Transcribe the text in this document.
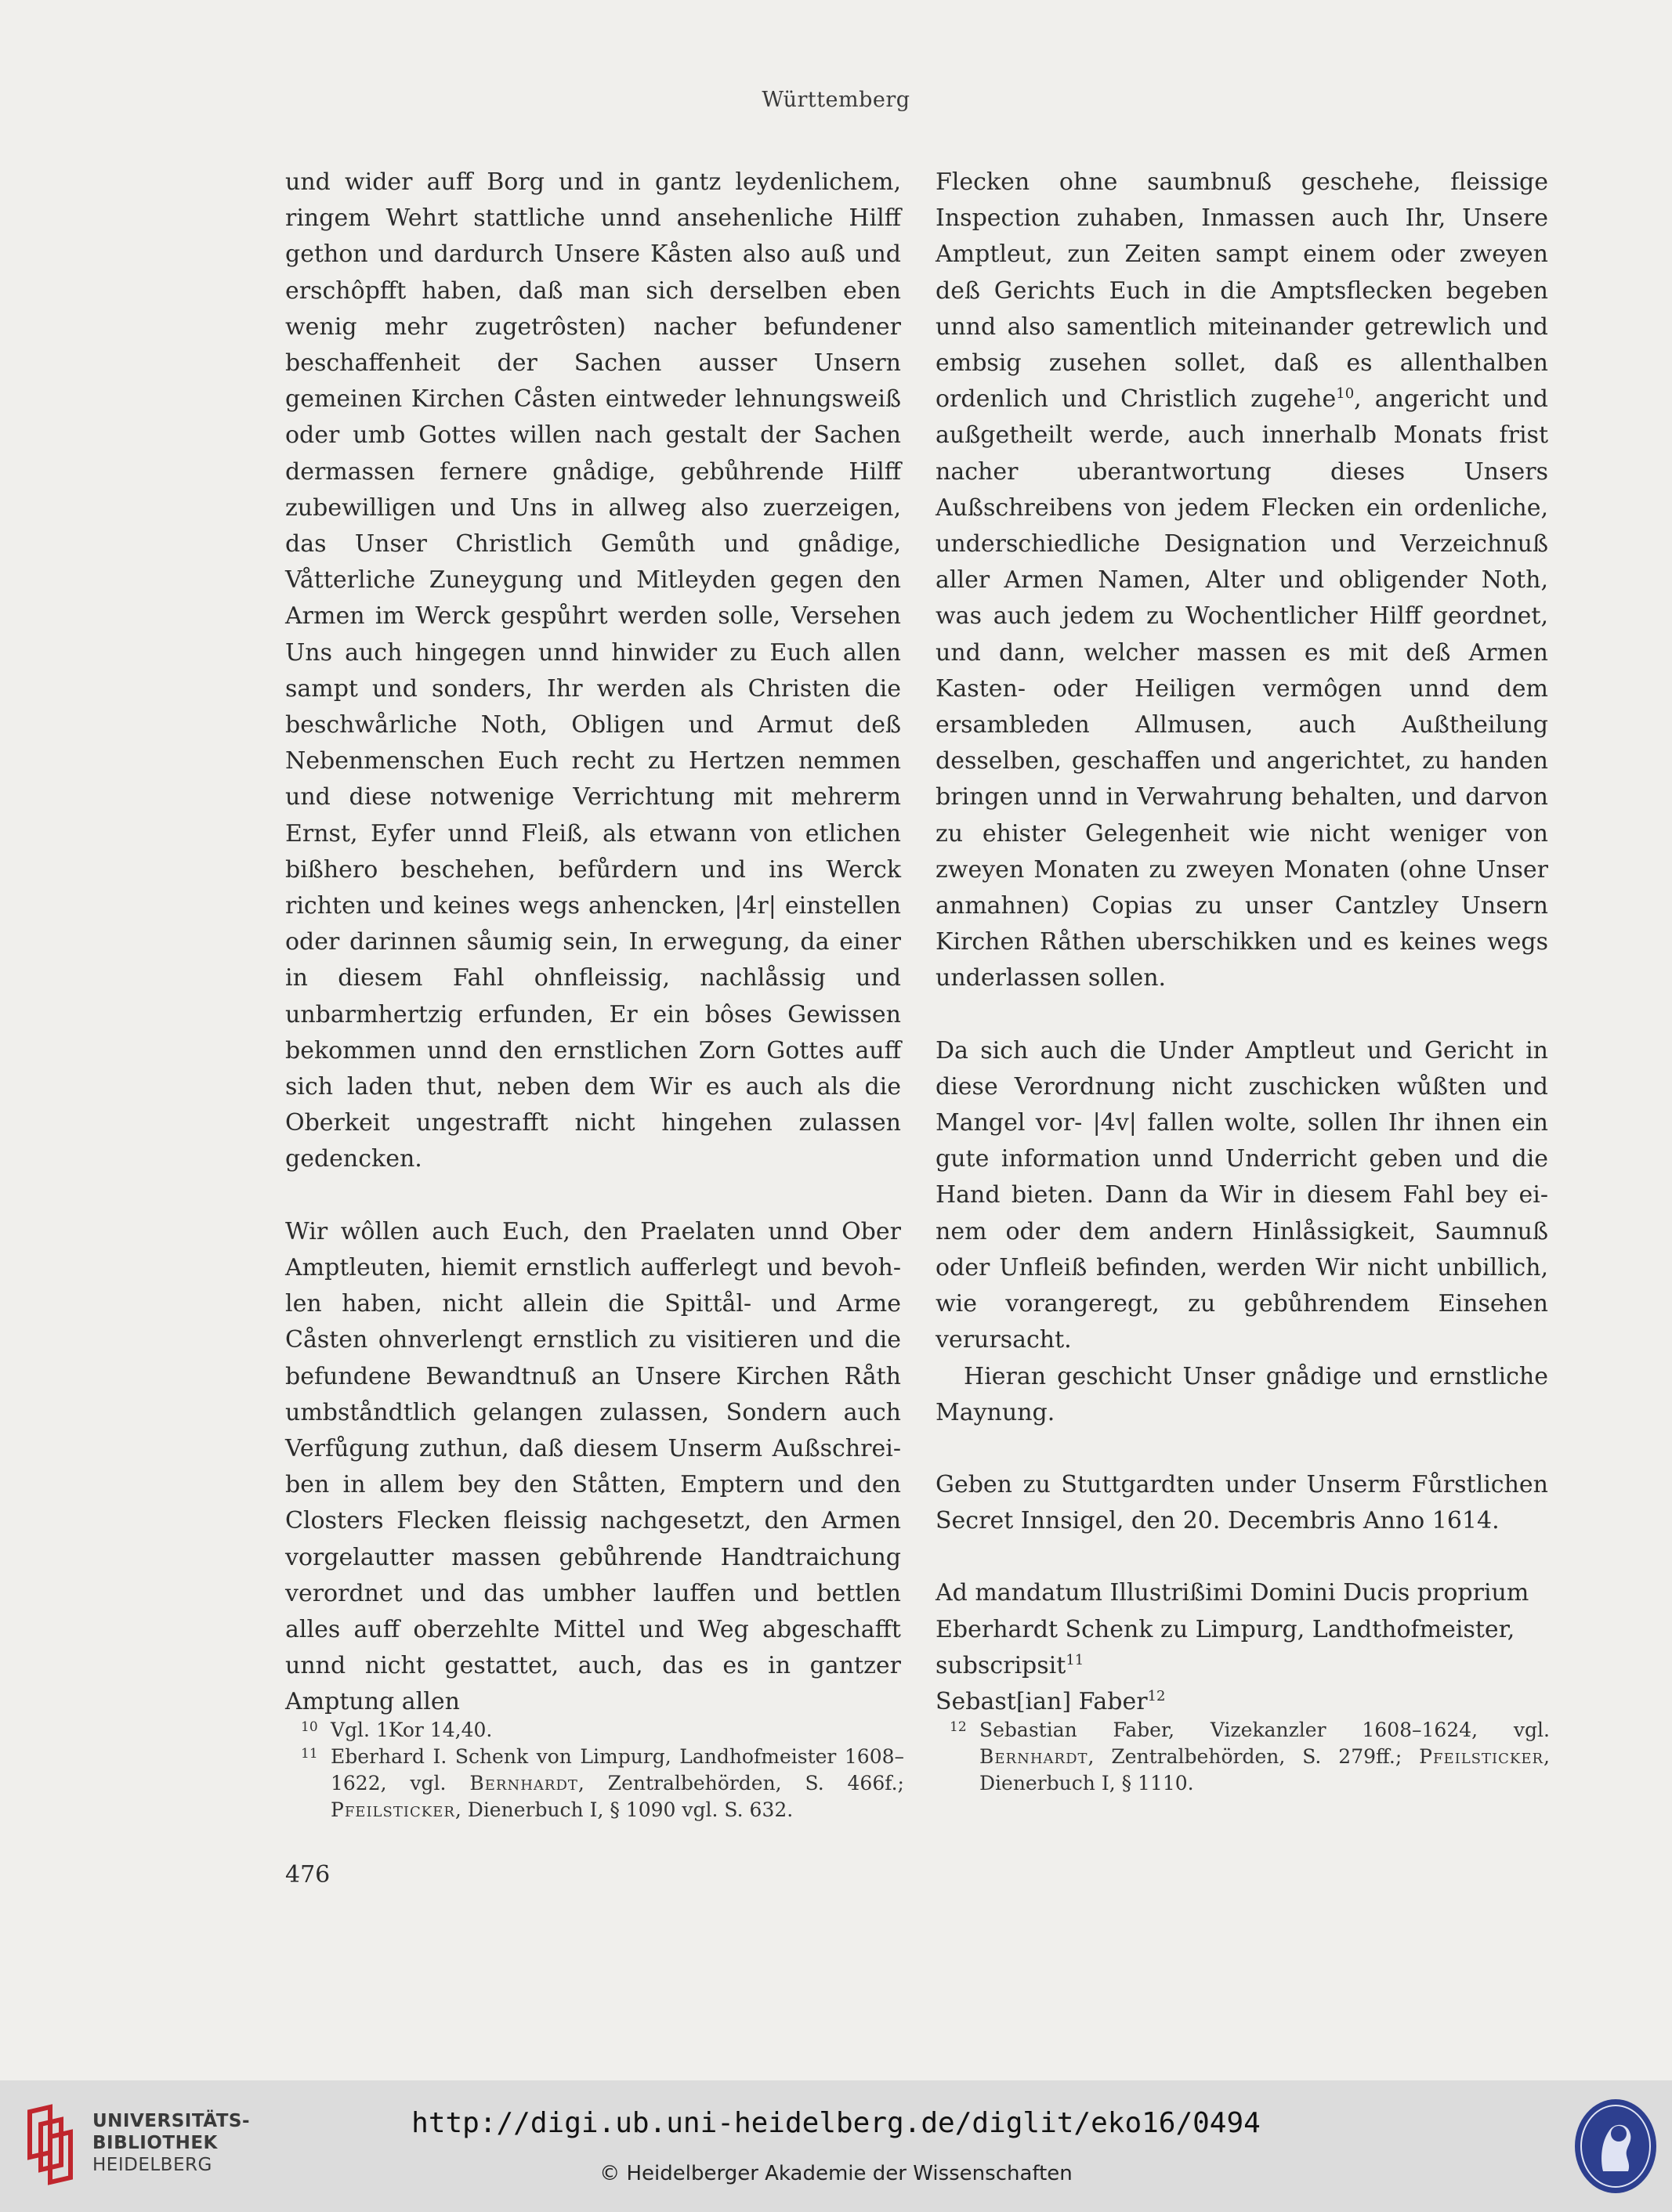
Württemberg

und wider auff Borg und in gantz leydenlichem, ringem Wehrt stattliche unnd ansehenliche Hilff gethon und dardurch Unsere Kåsten also auß und erschôpfft haben, daß man sich derselben eben wenig mehr zugetrôsten) nacher befundener beschaffenheit der Sachen ausser Unsern gemeinen Kirchen Cåsten eintweder lehnungsweiß oder umb Gottes willen nach gestalt der Sachen dermassen fernere gnådige, gebůhrende Hilff zubewilligen und Uns in allweg also zuerzeigen, das Unser Christlich Gemůth und gnådige, Våtterliche Zuneygung und Mitleyden gegen den Armen im Werck gespůhrt werden solle, Versehen Uns auch hingegen unnd hinwider zu Euch allen sampt und sonders, Ihr werden als Christen die beschwårliche Noth, Obligen und Armut deß Nebenmenschen Euch recht zu Hertzen nemmen und diese notwenige Verrichtung mit mehrerm Ernst, Eyfer unnd Fleiß, als etwann von etlichen bißhero beschehen, befůrdern und ins Werck richten und keines wegs anhencken, |4r| einstellen oder darinnen såumig sein, In erwegung, da einer in diesem Fahl ohnfleissig, nachlåssig und unbarmhertzig erfunden, Er ein bôses Gewissen bekommen unnd den ernstlichen Zorn Gottes auff sich laden thut, neben dem Wir es auch als die Oberkeit ungestrafft nicht hingehen zulassen gedencken.

Wir wôllen auch Euch, den Praelaten unnd Ober Amptleuten, hiemit ernstlich aufferlegt und bevohlen haben, nicht allein die Spittål- und Arme Cåsten ohnverlengt ernstlich zu visitieren und die befundene Bewandtnuß an Unsere Kirchen Råth umbståndtlich gelangen zulassen, Sondern auch Verfůgung zuthun, daß diesem Unserm Außschreiben in allem bey den Ståtten, Emptern und den Closters Flecken fleissig nachgesetzt, den Armen vorgelautter massen gebůhrende Handtraichung verordnet und das umbher lauffen und bettlen alles auff oberzehlte Mittel und Weg abgeschafft unnd nicht gestattet, auch, das es in gantzer Amptung allen

Flecken ohne saumbnuß geschehe, fleissige Inspection zuhaben, Inmassen auch Ihr, Unsere Amptleut, zun Zeiten sampt einem oder zweyen deß Gerichts Euch in die Amptsflecken begeben unnd also samentlich miteinander getrewlich und embsig zusehen sollet, daß es allenthalben ordenlich und Christlich zugehe$^{10}$, angericht und außgetheilt werde, auch innerhalb Monats frist nacher uberantwortung dieses Unsers Außschreibens von jedem Flecken ein ordenliche, underschiedliche Designation und Verzeichnuß aller Armen Namen, Alter und obligender Noth, was auch jedem zu Wochentlicher Hilff geordnet, und dann, welcher massen es mit deß Armen Kasten- oder Heiligen vermôgen unnd dem ersambleden Allmusen, auch Außtheilung desselben, geschaffen und angerichtet, zu handen bringen unnd in Verwahrung behalten, und darvon zu ehister Gelegenheit wie nicht weniger von zweyen Monaten zu zweyen Monaten (ohne Unser anmahnen) Copias zu unser Cantzley Unsern Kirchen Råthen uberschikken und es keines wegs underlassen sollen.

Da sich auch die Under Amptleut und Gericht in diese Verordnung nicht zuschicken wůßten und Mangel vor- |4v| fallen wolte, sollen Ihr ihnen ein gute information unnd Underricht geben und die Hand bieten. Dann da Wir in diesem Fahl bey einem oder dem andern Hinlåssigkeit, Saumnuß oder Unfleiß befinden, werden Wir nicht unbillich, wie vorangeregt, zu gebůhrendem Einsehen verursacht.

Hieran geschicht Unser gnådige und ernstliche Maynung.

Geben zu Stuttgardten under Unserm Fůrstlichen Secret Innsigel, den 20. Decembris Anno 1614.

Ad mandatum Illustrißimi Domini Ducis proprium
Eberhardt Schenk zu Limpurg, Landthofmeister,
subscripsit$^{11}$
Sebast[ian] Faber$^{12}$

10 Vgl. 1Kor 14,40.
11 Eberhard I. Schenk von Limpurg, Landhofmeister 1608–1622, vgl. Bernhardt, Zentralbehörden, S. 466f.; Pfeilsticker, Dienerbuch I, § 1090 vgl. S. 632.
12 Sebastian Faber, Vizekanzler 1608–1624, vgl. Bernhardt, Zentralbehörden, S. 279ff.; Pfeilsticker, Dienerbuch I, § 1110.
476
UNIVERSITÄTS-
BIBLIOTHEK
HEIDELBERG
http://digi.ub.uni-heidelberg.de/diglit/eko16/0494
© Heidelberger Akademie der Wissenschaften
